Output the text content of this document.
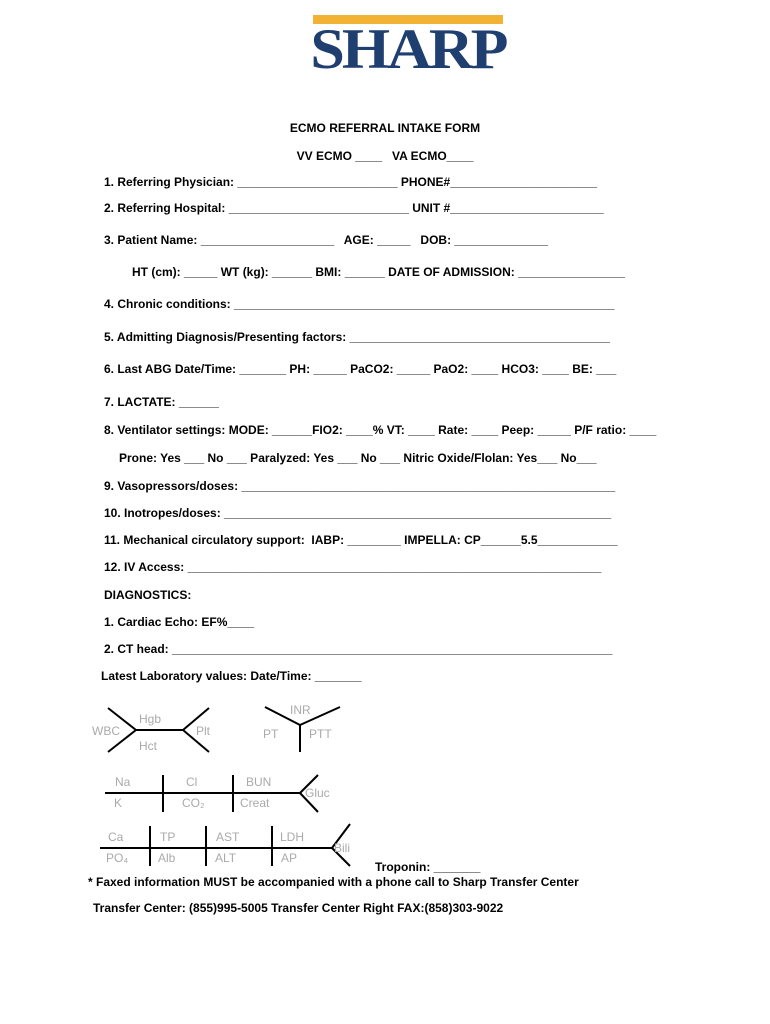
SHARP
ECMO REFERRAL INTAKE FORM
VV ECMO ____   VA ECMO____
1. Referring Physician: ________________________ PHONE#______________________
2. Referring Hospital: ___________________________ UNIT #_______________________
3. Patient Name: ____________________   AGE: _____   DOB: ______________
HT (cm): _____ WT (kg): ______ BMI: ______ DATE OF ADMISSION: ________________
4. Chronic conditions: _________________________________________________________
5. Admitting Diagnosis/Presenting factors: _______________________________________
6. Last ABG Date/Time: _______ PH: _____ PaCO2: _____ PaO2: ____ HCO3: ____ BE: ___
7. LACTATE: ______
8. Ventilator settings: MODE: ______FIO2: ____% VT: ____ Rate: ____ Peep: _____ P/F ratio: ____
Prone: Yes ___ No ___ Paralyzed: Yes ___ No ___ Nitric Oxide/Flolan: Yes___ No___
9. Vasopressors/doses: ________________________________________________________
10. Inotropes/doses: __________________________________________________________
11. Mechanical circulatory support:  IABP: ________ IMPELLA: CP______5.5____________
12. IV Access: ______________________________________________________________
DIAGNOSTICS:
1. Cardiac Echo: EF%____
2. CT head: __________________________________________________________________
Latest Laboratory values: Date/Time: _______
WBC
Hgb
Hct
Plt
INR
PT	PTT
Na	Cl	BUN
K	CO₂	Creat
Gluc
Ca	TP	AST	LDH
PO₄ Alb	ALT	AP
Bili
Troponin: _______
* Faxed information MUST be accompanied with a phone call to Sharp Transfer Center
Transfer Center: (855)995-5005 Transfer Center Right FAX:(858)303-9022
